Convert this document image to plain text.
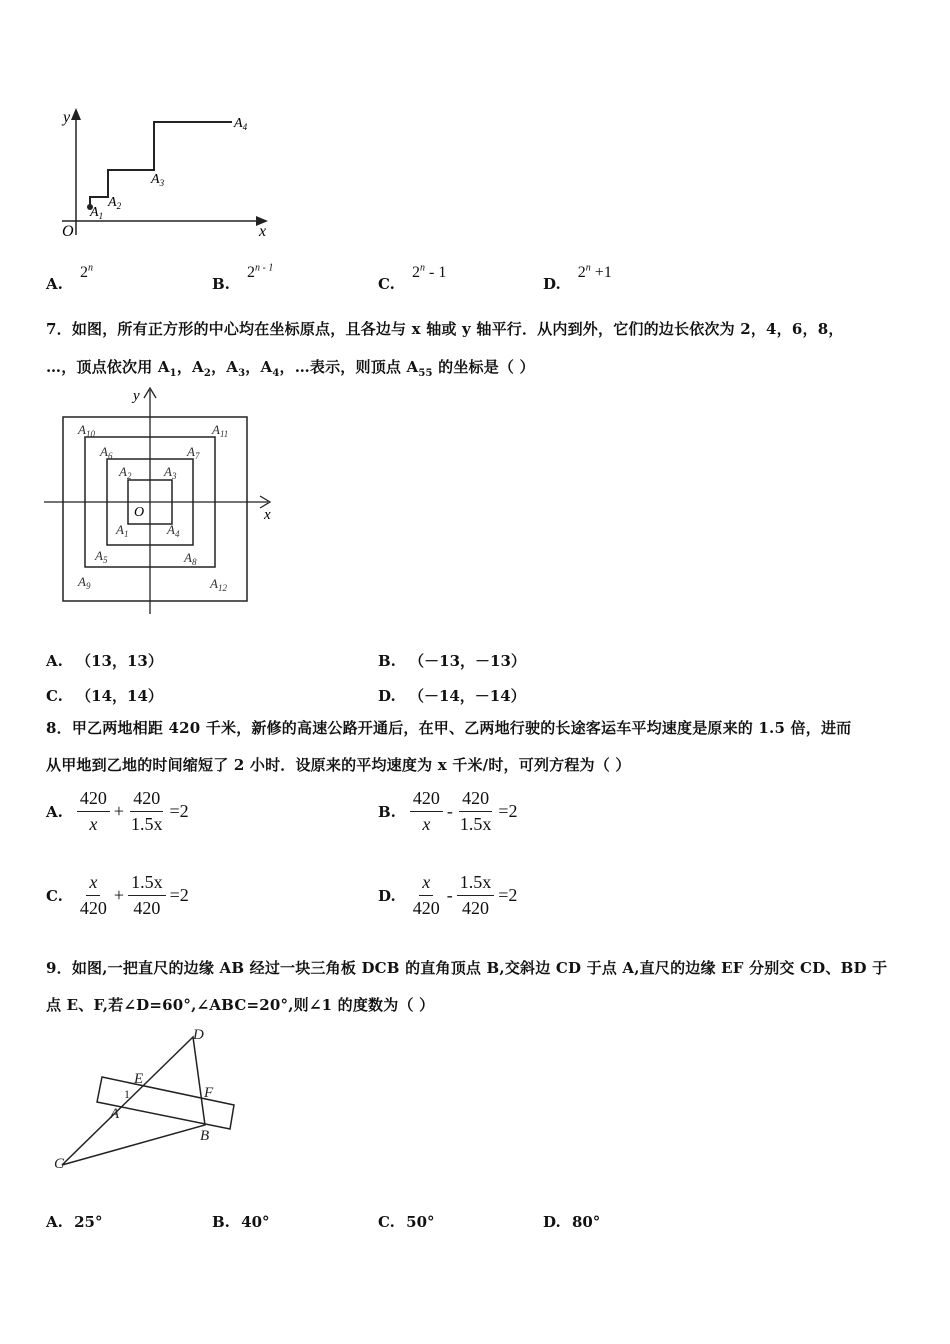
y
x
O
$A_1$
$A_2$
$A_3$
$A_4$
A. 2$^n$
B. 2$^{n - 1}$
C. 2$^n$ - 1
D. $2^n +1$
7．如图，所有正方形的中心均在坐标原点，且各边与 x 轴或 y 轴平行．从内到外，它们的边长依次为 2，4，6，8，
…，顶点依次用 $A_1$，$A_2$，$A_3$，$A_4$，…表示，则顶点 $A_{55}$ 的坐标是（ ）
y
x
O
$A_1$
$A_2$	$A_3$
$A_4$
$A_5$
$A_6$	$A_7$
$A_8$
$A_9$
$A_{10}$	$A_{11}$
$A_{12}$
A. （13，13）	B. （－13，－13）
C. （14，14）	D. （－14，－14）
8．甲乙两地相距 420 千米，新修的高速公路开通后，在甲、乙两地行驶的长途客运车平均速度是原来的 1.5 倍，进而
从甲地到乙地的时间缩短了 2 小时．设原来的平均速度为 x 千米/时，可列方程为（ ）
A. $\frac{420}{x} + \frac{420}{1.5x} =2$	B. $\frac{420}{x} - \frac{420}{1.5x} =2$
C. $\frac{x}{420} + \frac{1.5x}{420} =2$	D. $\frac{x}{420} - \frac{1.5x}{420} =2$
9．如图,一把直尺的边缘 AB 经过一块三角板 DCB 的直角顶点 B,交斜边 CD 于点 A,直尺的边缘 EF 分别交 CD、BD 于
点 E、F,若∠D=60°,∠ABC=20°,则∠1 的度数为（ ）
D
E
F
1
A
B
C
A. 25°	B. 40°	C. 50°	D. 80°
